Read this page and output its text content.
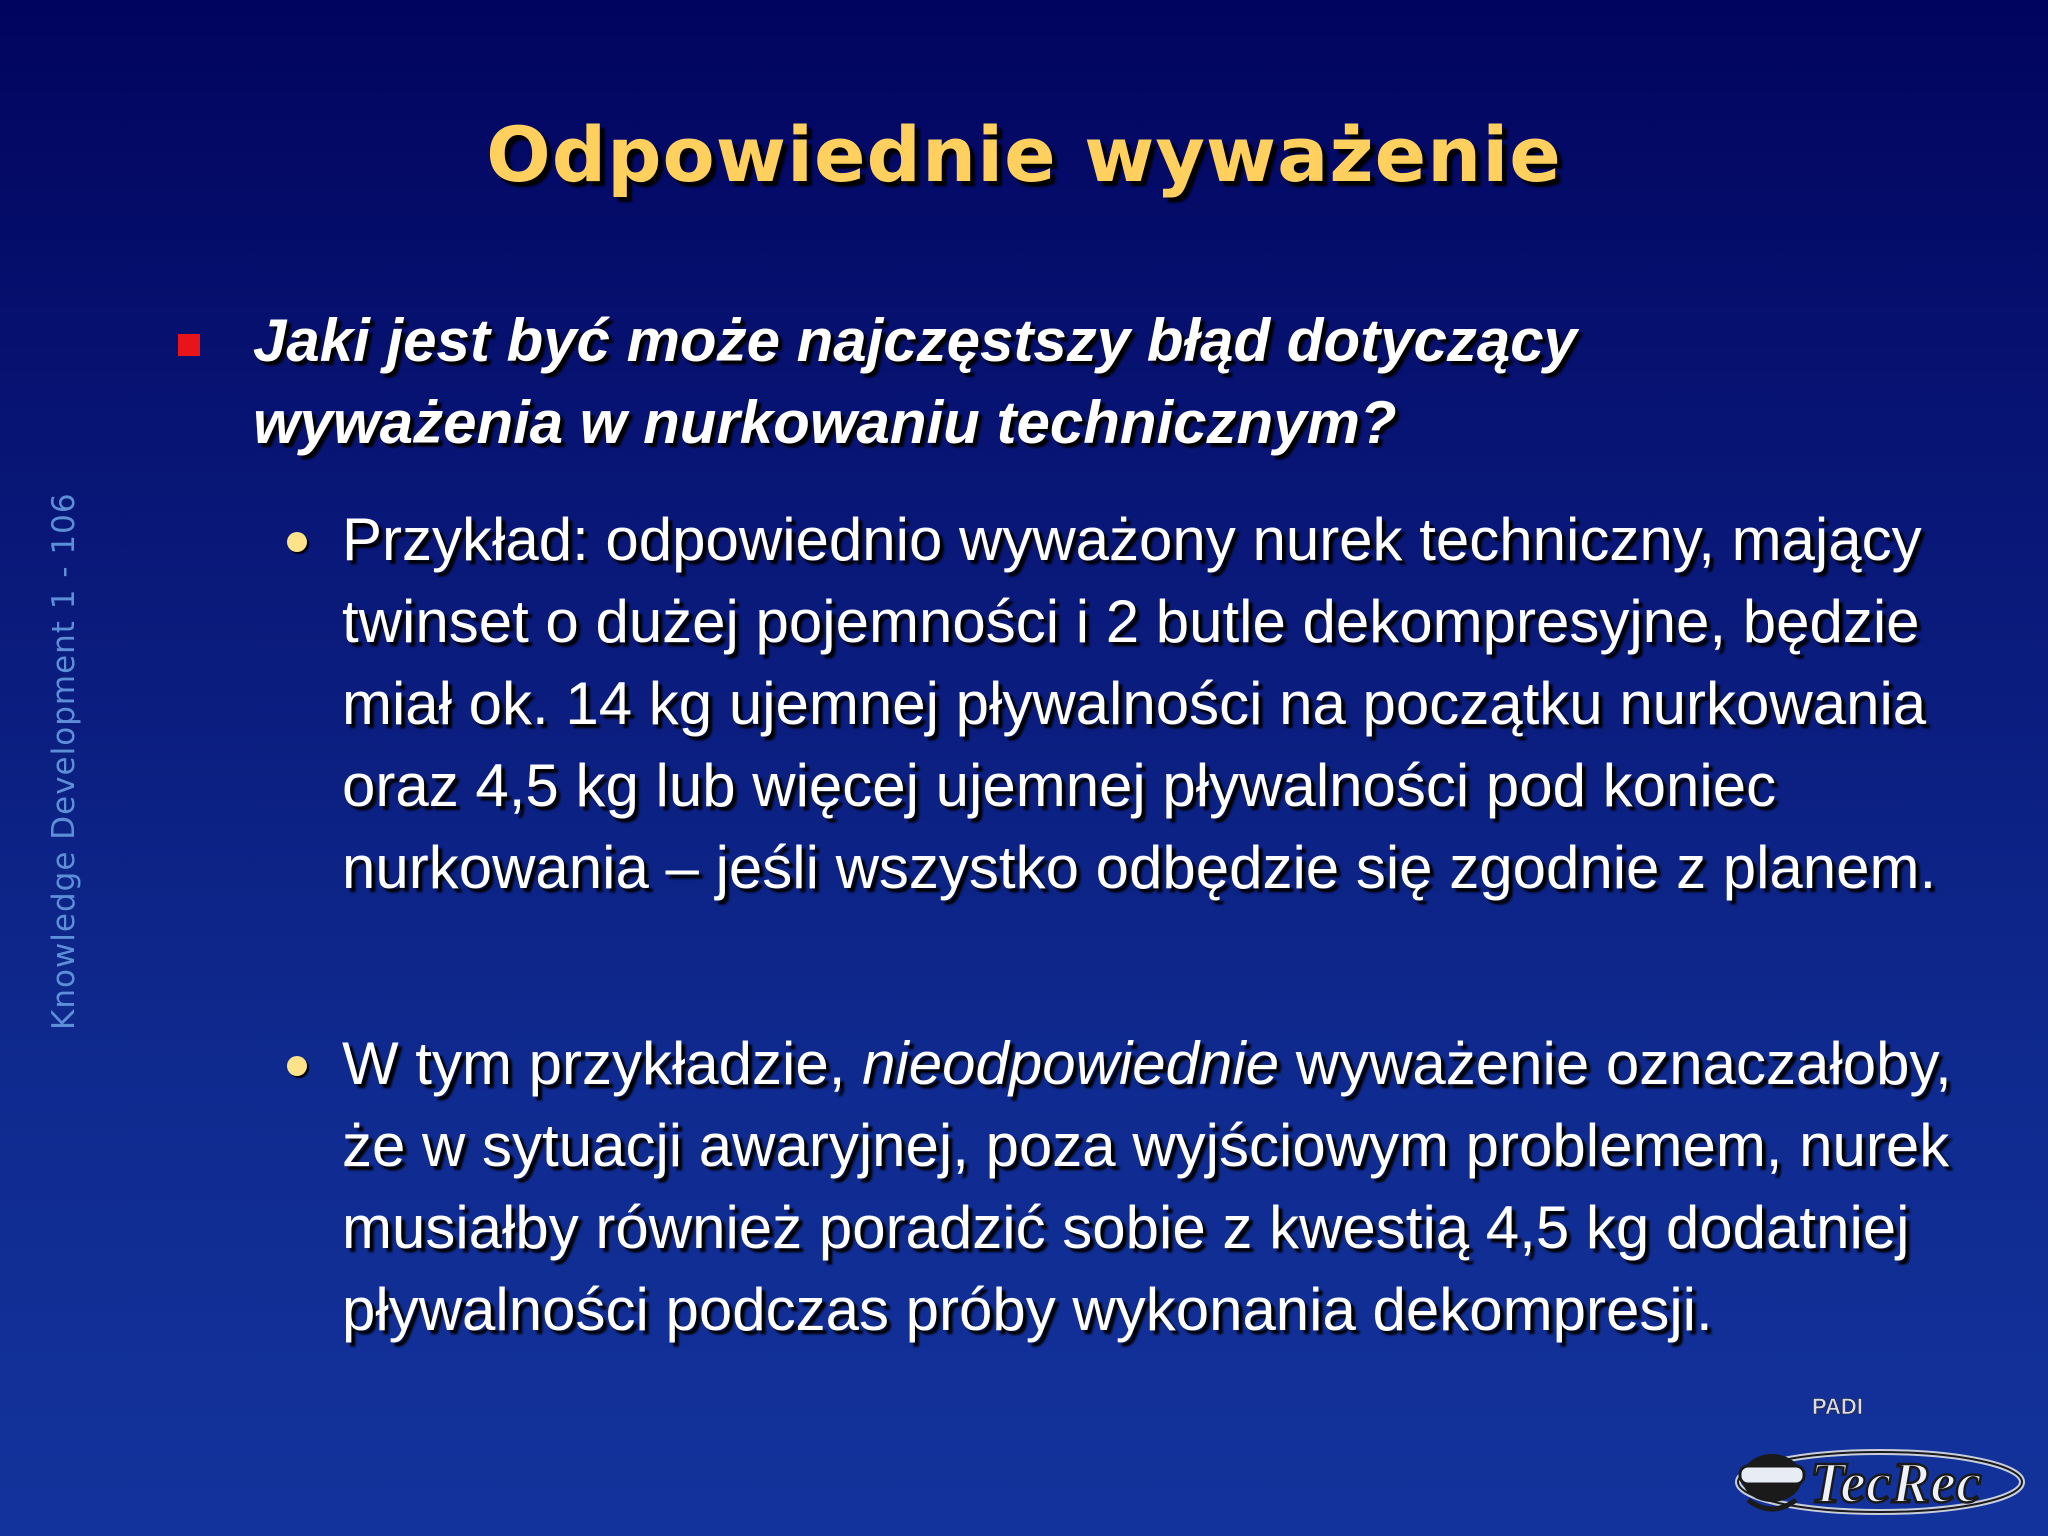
Odpowiednie wyważenie
Jaki jest być może najczęstszy błąd dotyczący wyważenia w nurkowaniu technicznym?
Przykład: odpowiednio wyważony nurek techniczny, mający twinset o dużej pojemności i 2 butle dekompresyjne, będzie miał ok. 14 kg ujemnej pływalności na początku nurkowania oraz 4,5 kg lub więcej ujemnej pływalności pod koniec nurkowania – jeśli wszystko odbędzie się zgodnie z planem.
W tym przykładzie, nieodpowiednie wyważenie oznaczałoby, że w sytuacji awaryjnej, poza wyjściowym problemem, nurek musiałby również poradzić sobie z kwestią 4,5 kg dodatniej pływalności podczas próby wykonania dekompresji.
Knowledge Development 1 - 106
PADI
TecRec
